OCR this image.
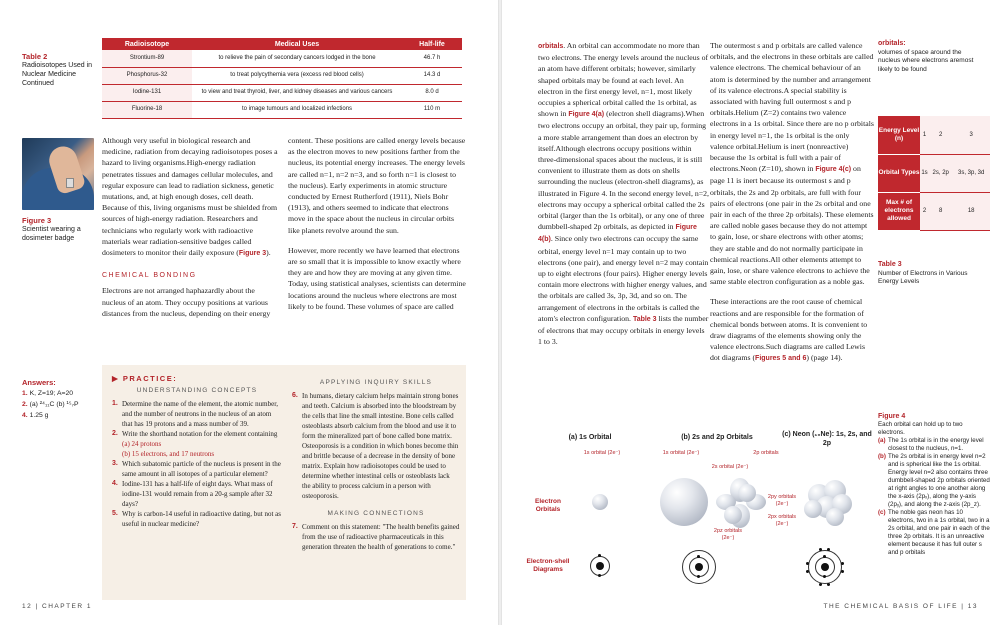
Table 2
Radioisotopes Used in Nuclear Medicine Continued
Radioisotope	Medical Uses	Half-life
Strontium-89	to relieve the pain of secondary cancers lodged in the bone	46.7 h
Phosphorus-32	to treat polycythemia vera (excess red blood cells)	14.3 d
Iodine-131	to view and treat thyroid, liver, and kidney diseases and various cancers	8.0 d
Fluorine-18	to image tumours and localized infections	110 m
Figure 3
Scientist wearing a dosimeter badge

Although very useful in biological research and medicine, radiation from decaying radioisotopes poses a hazard to living organisms.High-energy radiation penetrates tissues and damages cellular molecules, and regular exposure can lead to radiation sickness, genetic mutations, and, at high enough doses, cell death. Because of this, living organisms must be shielded from sources of high-energy radiation. Researchers and technicians who regularly work with radioactive materials wear radiation-sensitive badges called dosimeters to monitor their daily exposure (Figure 3).

CHEMICAL BONDING

Electrons are not arranged haphazardly about the nucleus of an atom. They occupy positions at various distances from the nucleus, depending on their energy

content. These positions are called energy levels because as the electron moves to new positions farther from the nucleus, its potential energy increases. The energy levels are called n=1, n=2 n=3, and so forth n=1 is closest to the nucleus). Early experiments in atomic structure conducted by Ernest Rutherford (1911), Niels Bohr (1913), and others seemed to indicate that electrons move in the space about the nucleus in circular orbits like planets revolve around the sun.

However, more recently we have learned that electrons are so small that it is impossible to know exactly where they are and how they are moving at any given time. Today, using statistical analyses, scientists can determine locations around the nucleus where electrons are most likely to be found. These volumes of space are called

Answers:
1. K, Z=19; A=20
2. (a) ²⁴₁₁C (b) ¹⁵₇P
4. 1.25 g
▶ PRACTICE:
UNDERSTANDING CONCEPTS
1. Determine the name of the element, the atomic number, and the number of neutrons in the nucleus of an atom that has 19 protons and a mass number of 39.
2. Write the shorthand notation for the element containing
(a) 24 protons
(b) 15 electrons, and 17 neutrons
3. Which subatomic particle of the nucleus is present in the same amount in all isotopes of a particular element?
4. Iodine-131 has a half-life of eight days. What mass of iodine-131 would remain from a 20-g sample after 32 days?
5. Why is carbon-14 useful in radioactive dating, but not as useful in nuclear medicine?
APPLYING INQUIRY SKILLS
6. In humans, dietary calcium helps maintain strong bones and teeth. Calcium is absorbed into the bloodstream by the cells that line the small intestine. Bone cells called osteoblasts absorb calcium from the blood and use it to form the mineralized part of bone called bone matrix. Osteoporosis is a condition in which bones become thin and brittle because of a decrease in the density of bone matrix. Explain how radioisotopes could be used to determine whether intestinal cells or osteoblasts lack the ability to process calcium in a person with osteoporosis.
MAKING CONNECTIONS
7. Comment on this statement: "The health benefits gained from the use of radioactive pharmaceuticals in this generation threaten the health of generations to come."
12 | CHAPTER 1

orbitals. An orbital can accommodate no more than two electrons. The energy levels around the nucleus of an atom have different orbitals; however, similarly shaped orbitals may be found at each level. An electron in the first energy level, n=1, most likely occupies a spherical orbital called the 1s orbital, as shown in Figure 4(a) (electron shell diagrams).When two electrons occupy an orbital, they pair up, forming a more stable arrangement than does an electron by itself.Although electrons occupy positions within three-dimensional spaces about the nucleus, it is still convenient to illustrate them as dots on shells surrounding the nucleus (electron-shell diagrams), as illustrated in Figure 4. In the second energy level, n=2, electrons may occupy a spherical orbital called the 2s orbital (larger than the 1s orbital), or any one of three dumbbell-shaped 2p orbitals, as depicted in Figure 4(b). Since only two electrons can occupy the same orbital, energy level n=1 may contain up to two electrons (one pair), and energy level n=2 may contain up to eight electrons (four pairs). Higher energy levels contain more electrons with higher energy values, and the orbitals are called 3s, 3p, 3d, and so on. The arrangement of electrons in the orbitals is called the atom's electron configuration. Table 3 lists the number of electrons that may occupy orbitals in energy levels 1 to 3.

The outermost s and p orbitals are called valence orbitals, and the electrons in these orbitals are called valence electrons. The chemical behaviour of an atom is determined by the number and arrangement of its valence electrons.A special stability is associated with having full outermost s and p orbitals.Helium (Z=2) contains two valence electrons in a 1s orbital. Since there are no p orbitals in energy level n=1, the 1s orbital is the only valence orbital.Helium is inert (nonreactive) because the 1s orbital is full with a pair of electrons.Neon (Z=10), shown in Figure 4(c) on page 11 is inert because its outermost s and p orbitals, the 2s and 2p orbitals, are full with four pairs of electrons (one pair in the 2s orbital and one pair in each of the three 2p orbitals). These elements are called noble gases because they do not attempt to gain, lose, or share electrons with other atoms; they are stable and do not normally participate in chemical reactions.All other elements attempt to gain, lose, or share valence electrons to achieve the same stable electron configuration as a noble gas.

These interactions are the root cause of chemical reactions and are responsible for the formation of chemical bonds between atoms. It is convenient to draw diagrams of the elements showing only the valence electrons.Such diagrams are called Lewis dot diagrams (Figures 5 and 6) (page 14).

orbitals:
volumes of space around the nucleus where electrons aremost likely to be found
Energy Level (n)	1	2	3
Orbital Types	1s	2s, 2p	3s, 3p, 3d
Max # of electrons allowed	2	8	18
Table 3
Number of Electrons in Various Energy Levels
(a) 1s Orbital	(b) 2s and 2p Orbitals	(c) Neon (₁₀Ne): 1s, 2s, and 2p
Electron Orbitals
Electron-shell Diagrams
1s orbital (2e⁻)	1s orbital (2e⁻)
2s orbital (2e⁻)
2p orbitals
2pz orbitals (2e⁻)
2px orbitals (2e⁻)
2py orbitals (2e⁻)
Figure 4
Each orbital can hold up to two electrons.
(a) The 1s orbital is in the energy level closest to the nucleus, n=1.
(b) The 2s orbital is in energy level n=2 and is spherical like the 1s orbital. Energy level n=2 also contains three dumbbell-shaped 2p orbitals oriented at right angles to one another along the x-axis (2pₓ), along the y-axis (2pᵧ), and along the z-axis (2p_z).
(c) The noble gas neon has 10 electrons, two in a 1s orbital, two in a 2s orbital, and one pair in each of the three 2p orbitals. It is an unreactive element because it has full outer s and p orbitals
THE CHEMICAL BASIS OF LIFE | 13
